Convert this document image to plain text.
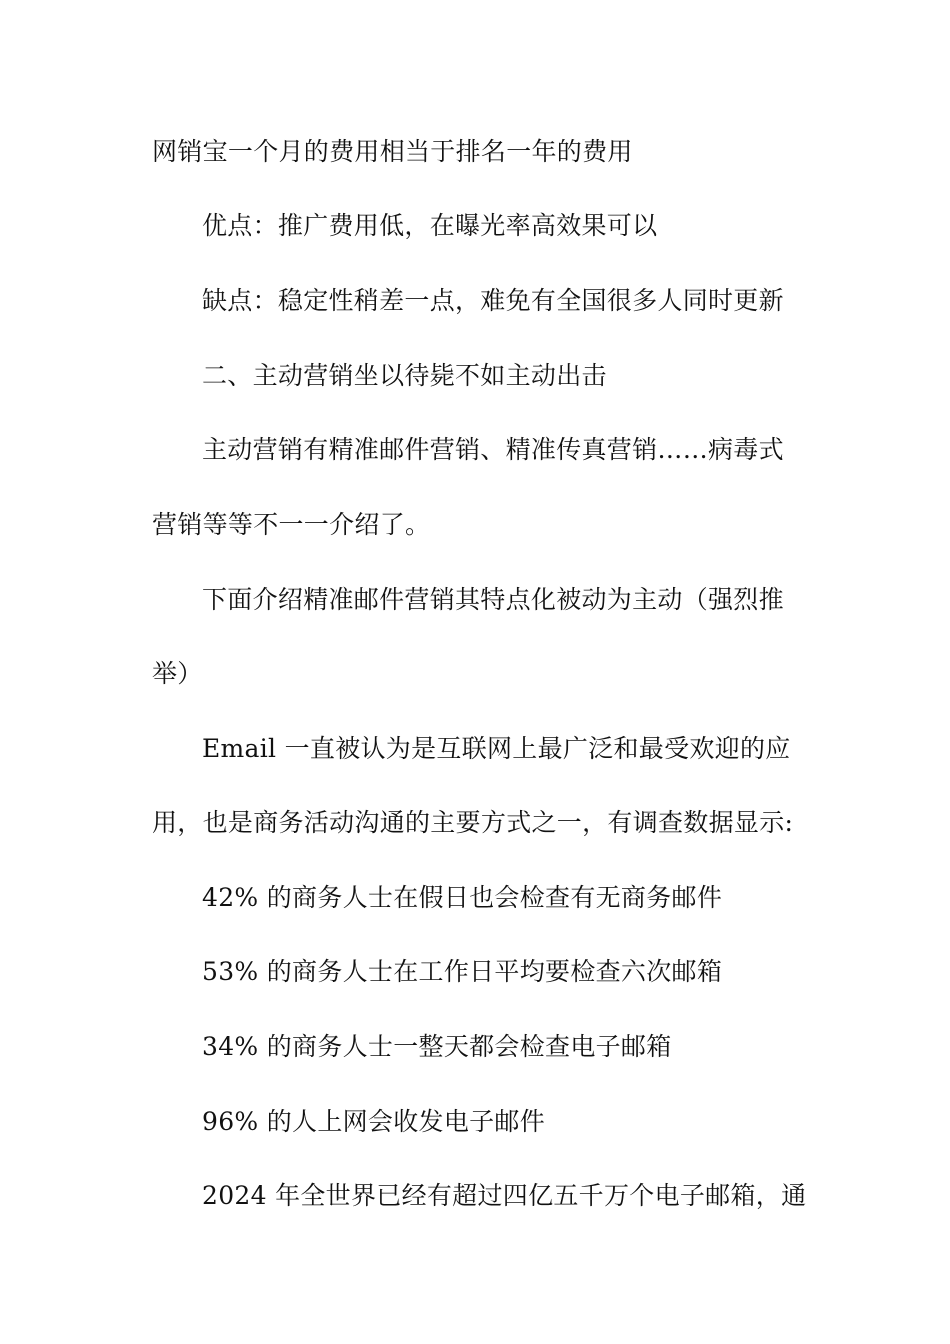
网销宝一个月的费用相当于排名一年的费用
优点：推广费用低，在曝光率高效果可以
缺点：稳定性稍差一点，难免有全国很多人同时更新
二、主动营销坐以待毙不如主动出击
主动营销有精准邮件营销、精准传真营销……病毒式
营销等等不一一介绍了。
下面介绍精准邮件营销其特点化被动为主动（强烈推
举）
Email 一直被认为是互联网上最广泛和最受欢迎的应
用，也是商务活动沟通的主要方式之一，有调查数据显示:
42% 的商务人士在假日也会检查有无商务邮件
53% 的商务人士在工作日平均要检查六次邮箱
34% 的商务人士一整天都会检查电子邮箱
96% 的人上网会收发电子邮件
2024 年全世界已经有超过四亿五千万个电子邮箱，通
